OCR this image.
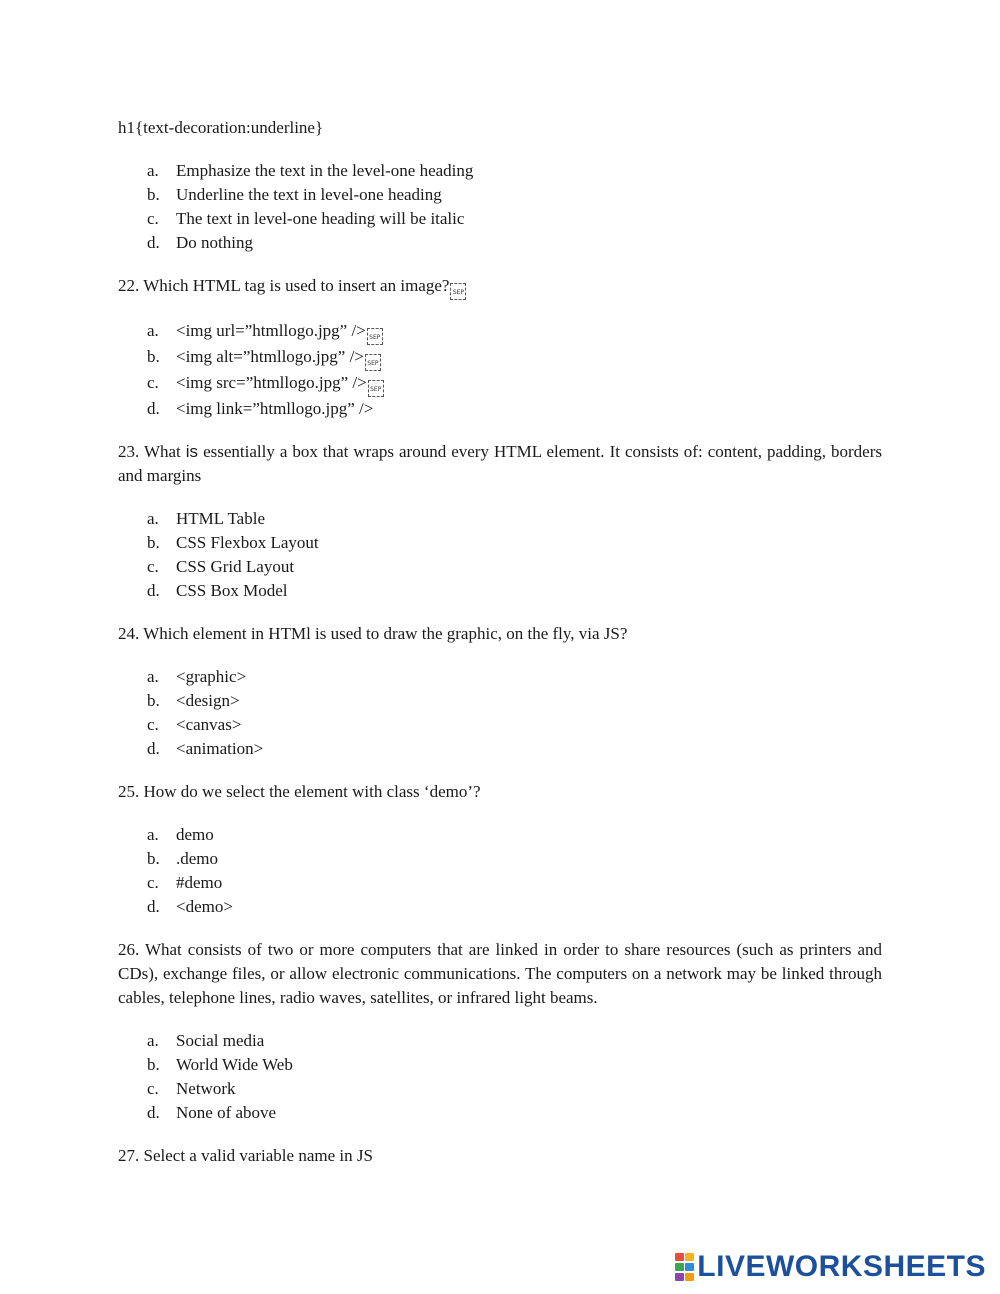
h1{text-decoration:underline}

a. Emphasize the text in the level-one heading
b. Underline the text in level-one heading
c. The text in level-one heading will be italic
d. Do nothing

22. Which HTML tag is used to insert an image? SEP

a. <img url=”htmllogo.jpg” /> SEP
b. <img alt=”htmllogo.jpg” /> SEP
c. <img src=”htmllogo.jpg” /> SEP
d. <img link=”htmllogo.jpg” />

23. What is essentially a box that wraps around every HTML element. It consists of: content, padding, borders and margins

a. HTML Table
b. CSS Flexbox Layout
c. CSS Grid Layout
d. CSS Box Model

24. Which element in HTMl is used to draw the graphic, on the fly, via JS?

a. <graphic>
b. <design>
c. <canvas>
d. <animation>

25. How do we select the element with class ‘demo’?

a. demo
b. .demo
c. #demo
d. <demo>

26. What consists of two or more computers that are linked in order to share resources (such as printers and CDs), exchange files, or allow electronic communications. The computers on a network may be linked through cables, telephone lines, radio waves, satellites, or infrared light beams.

a. Social media
b. World Wide Web
c. Network
d. None of above

27. Select a valid variable name in JS

LIVEWORKSHEETS
